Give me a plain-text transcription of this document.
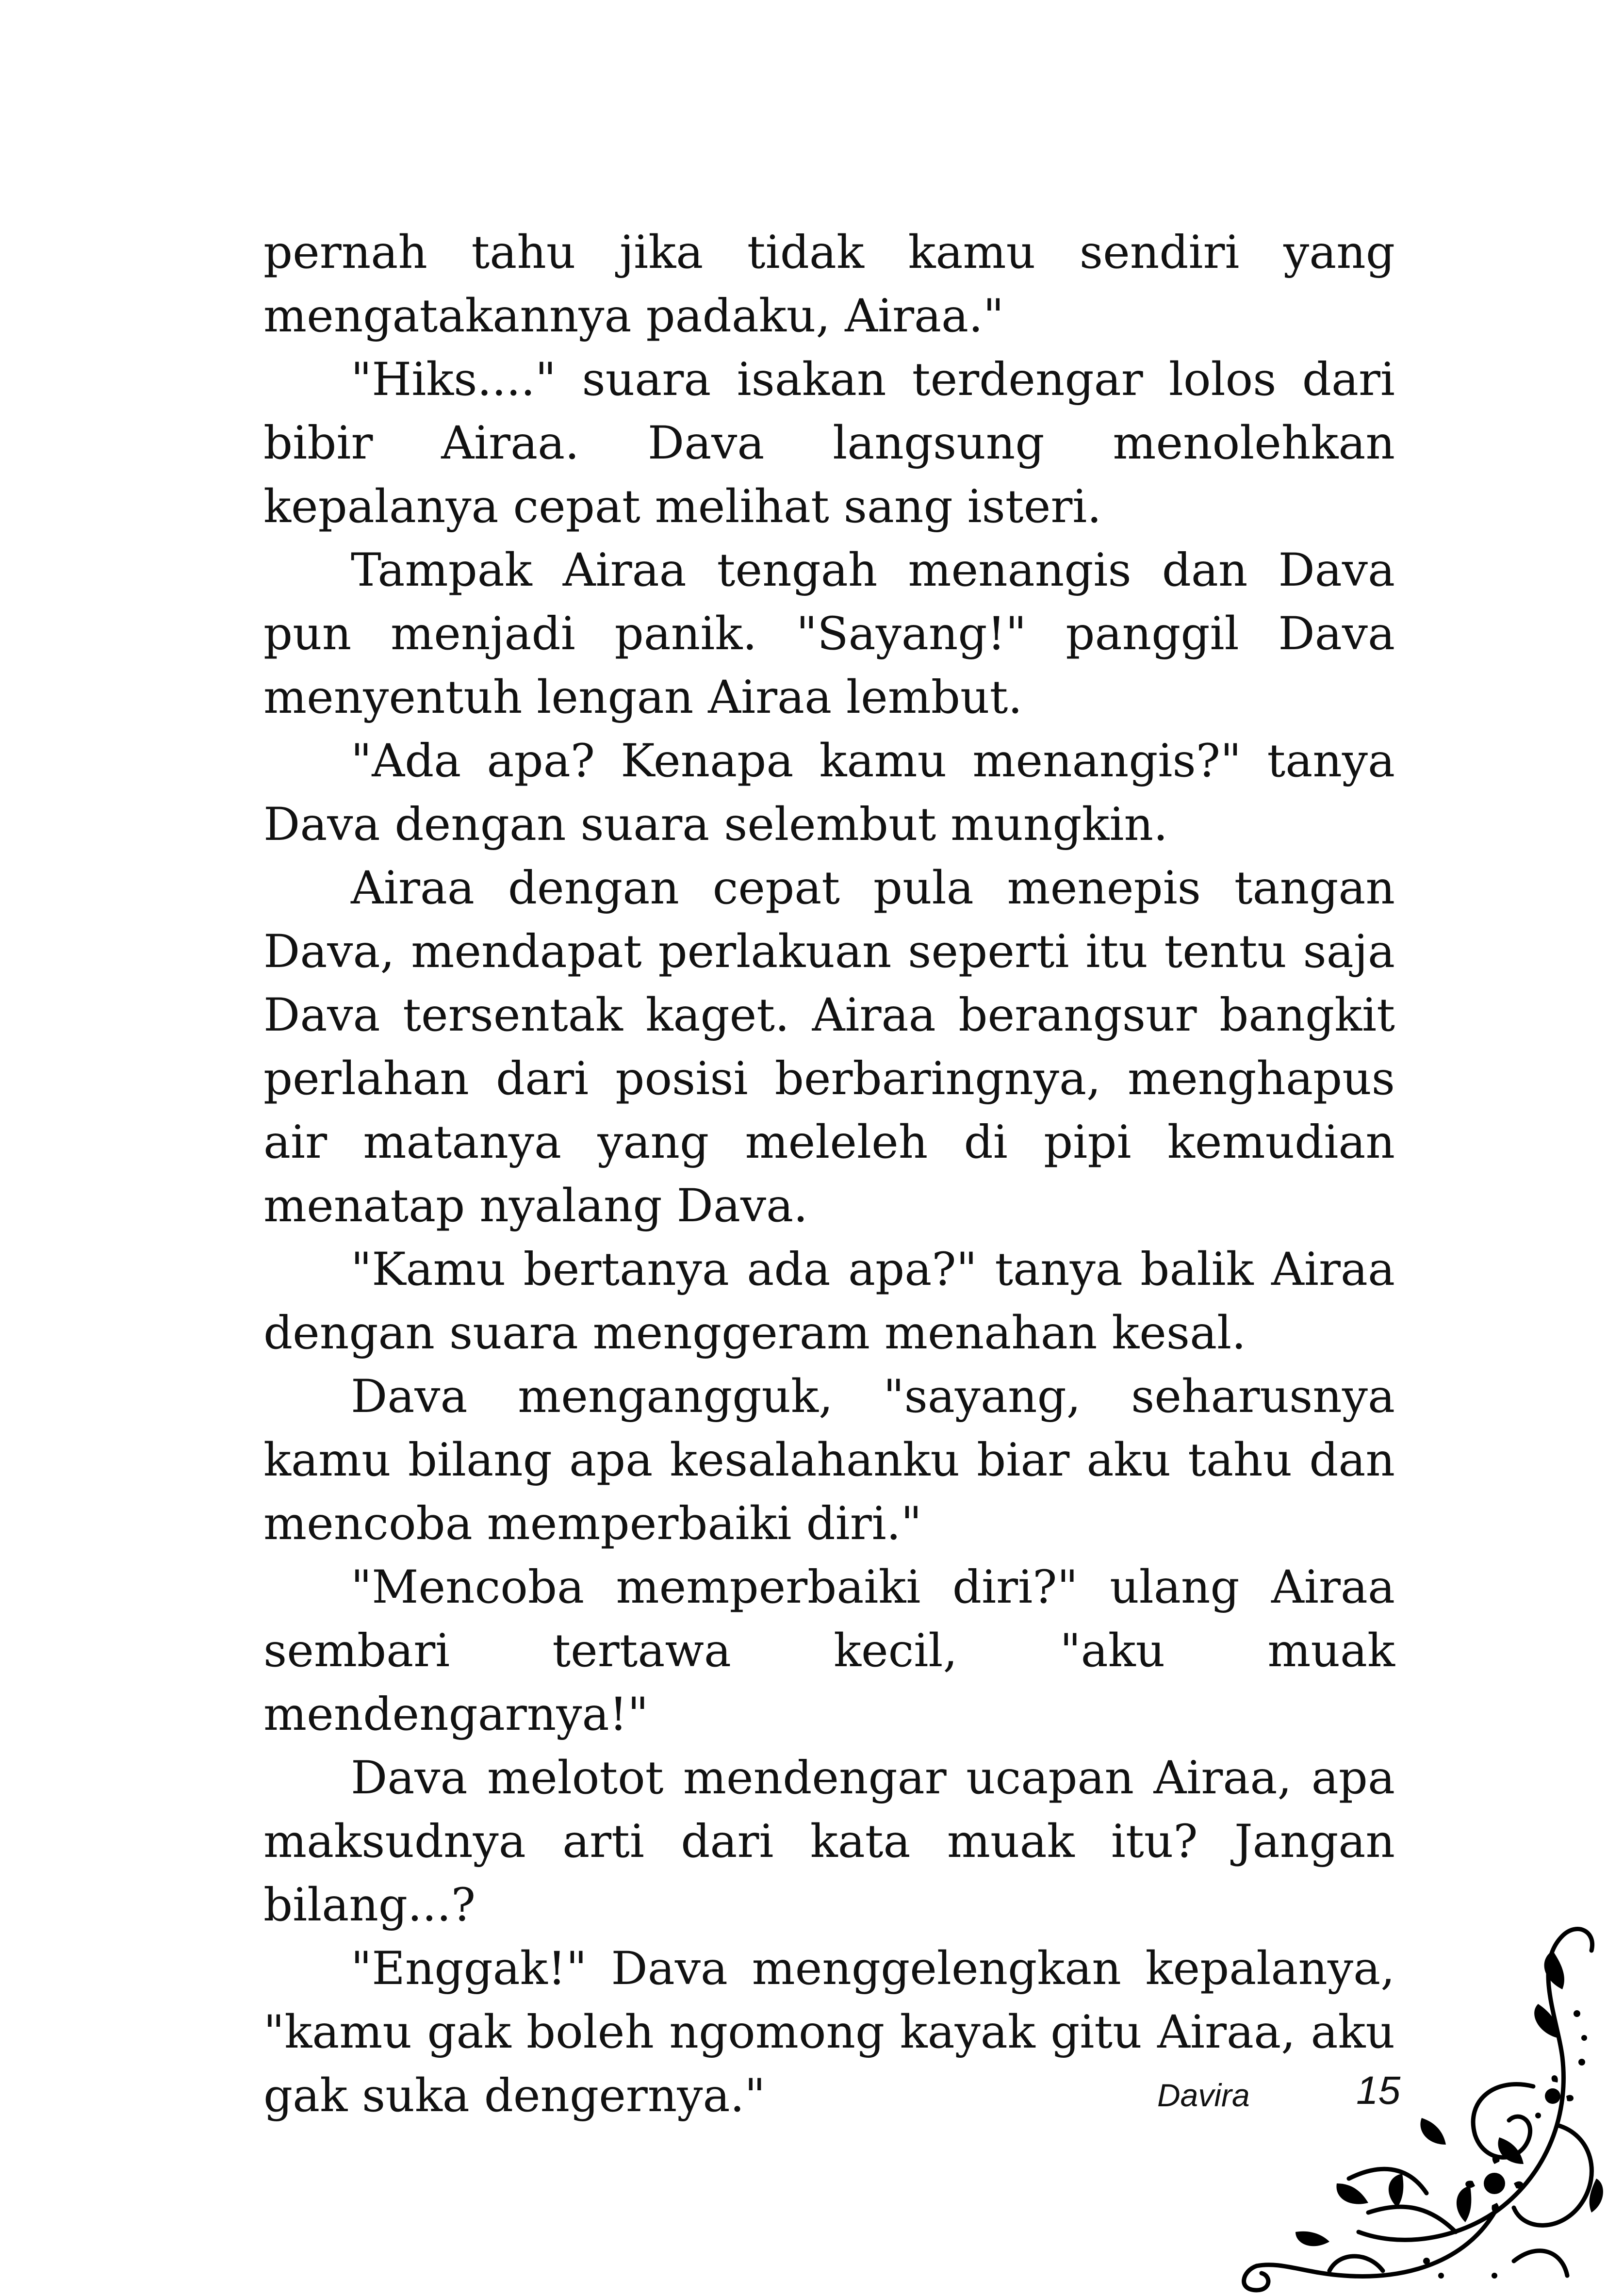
pernah tahu jika tidak kamu sendiri yang mengatakannya padaku, Airaa."

"Hiks...." suara isakan terdengar lolos dari bibir Airaa. Dava langsung menolehkan kepalanya cepat melihat sang isteri.

Tampak Airaa tengah menangis dan Dava pun menjadi panik. "Sayang!" panggil Dava menyentuh lengan Airaa lembut.

"Ada apa? Kenapa kamu menangis?" tanya Dava dengan suara selembut mungkin.

Airaa dengan cepat pula menepis tangan Dava, mendapat perlakuan seperti itu tentu saja Dava tersentak kaget. Airaa berangsur bangkit perlahan dari posisi berbaringnya, menghapus air matanya yang meleleh di pipi kemudian menatap nyalang Dava.

"Kamu bertanya ada apa?" tanya balik Airaa dengan suara menggeram menahan kesal.

Dava mengangguk, "sayang, seharusnya kamu bilang apa kesalahanku biar aku tahu dan mencoba memperbaiki diri."

"Mencoba memperbaiki diri?" ulang Airaa sembari tertawa kecil, "aku muak mendengarnya!"

Dava melotot mendengar ucapan Airaa, apa maksudnya arti dari kata muak itu? Jangan bilang...?

"Enggak!" Dava menggelengkan kepalanya, "kamu gak boleh ngomong kayak gitu Airaa, aku gak suka dengernya."	Davira	15
